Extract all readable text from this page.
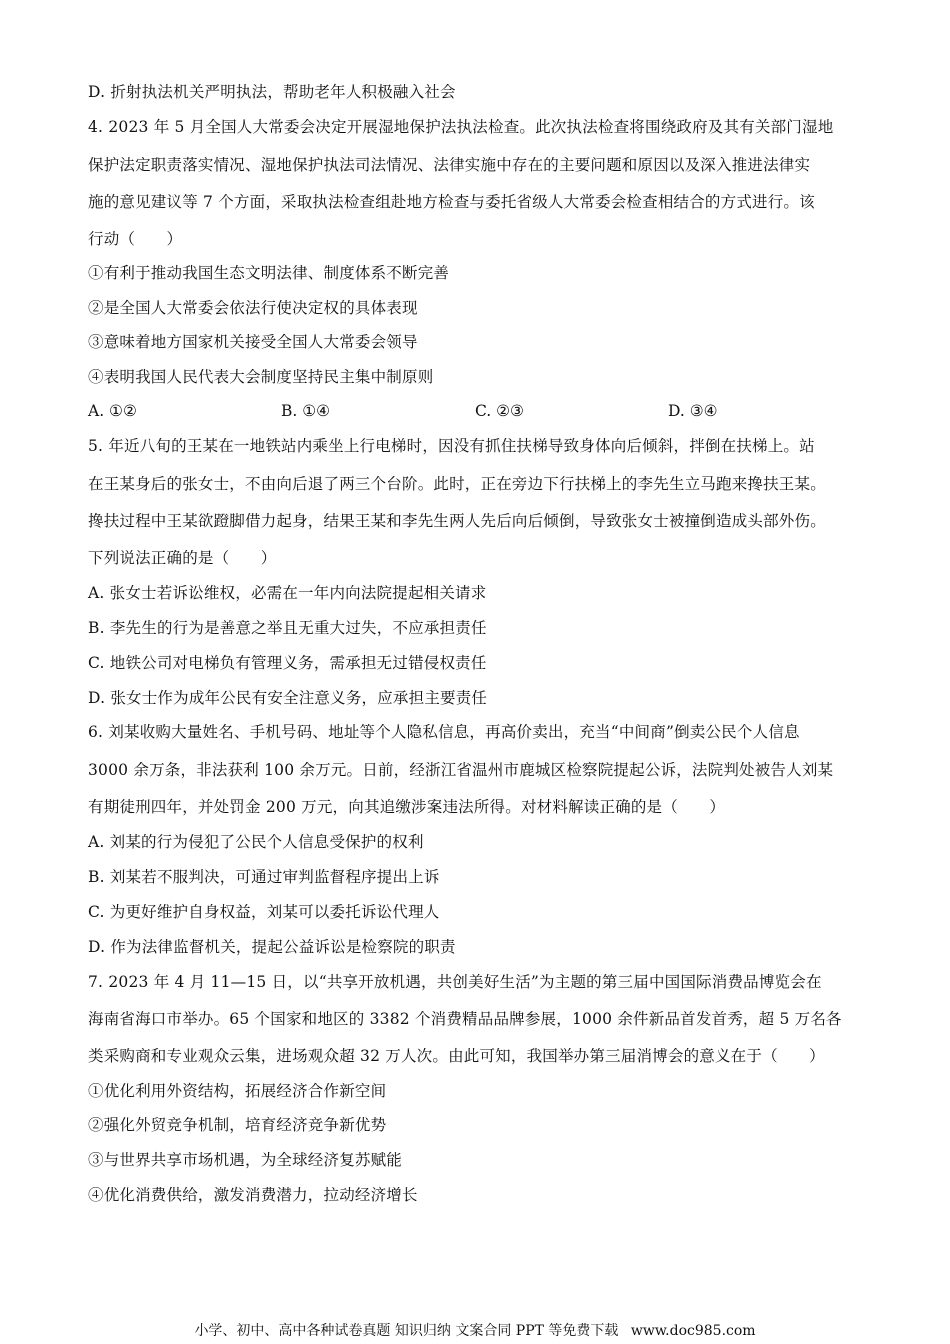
D. 折射执法机关严明执法，帮助老年人积极融入社会
4. 2023 年 5 月全国人大常委会决定开展湿地保护法执法检查。此次执法检查将围绕政府及其有关部门湿地
保护法定职责落实情况、湿地保护执法司法情况、法律实施中存在的主要问题和原因以及深入推进法律实
施的意见建议等 7 个方面，采取执法检查组赴地方检查与委托省级人大常委会检查相结合的方式进行。该
行动（　　）
①有利于推动我国生态文明法律、制度体系不断完善
②是全国人大常委会依法行使决定权的具体表现
③意味着地方国家机关接受全国人大常委会领导
④表明我国人民代表大会制度坚持民主集中制原则
A. ①②	B. ①④	C. ②③	D. ③④
5. 年近八旬的王某在一地铁站内乘坐上行电梯时，因没有抓住扶梯导致身体向后倾斜，拌倒在扶梯上。站
在王某身后的张女士，不由向后退了两三个台阶。此时，正在旁边下行扶梯上的李先生立马跑来搀扶王某。
搀扶过程中王某欲蹬脚借力起身，结果王某和李先生两人先后向后倾倒，导致张女士被撞倒造成头部外伤。
下列说法正确的是（　　）
A. 张女士若诉讼维权，必需在一年内向法院提起相关请求
B. 李先生的行为是善意之举且无重大过失，不应承担责任
C. 地铁公司对电梯负有管理义务，需承担无过错侵权责任
D. 张女士作为成年公民有安全注意义务，应承担主要责任
6. 刘某收购大量姓名、手机号码、地址等个人隐私信息，再高价卖出，充当“中间商”倒卖公民个人信息
3000 余万条，非法获利 100 余万元。日前，经浙江省温州市鹿城区检察院提起公诉，法院判处被告人刘某
有期徒刑四年，并处罚金 200 万元，向其追缴涉案违法所得。对材料解读正确的是（　　）
A. 刘某的行为侵犯了公民个人信息受保护的权利
B. 刘某若不服判决，可通过审判监督程序提出上诉
C. 为更好维护自身权益，刘某可以委托诉讼代理人
D. 作为法律监督机关，提起公益诉讼是检察院的职责
7. 2023 年 4 月 11—15 日，以“共享开放机遇，共创美好生活”为主题的第三届中国国际消费品博览会在
海南省海口市举办。65 个国家和地区的 3382 个消费精品品牌参展，1000 余件新品首发首秀，超 5 万名各
类采购商和专业观众云集，进场观众超 32 万人次。由此可知，我国举办第三届消博会的意义在于（　　）
①优化利用外资结构，拓展经济合作新空间
②强化外贸竞争机制，培育经济竞争新优势
③与世界共享市场机遇，为全球经济复苏赋能
④优化消费供给，激发消费潜力，拉动经济增长
小学、初中、高中各种试卷真题 知识归纳 文案合同 PPT 等免费下载 www.doc985.com
